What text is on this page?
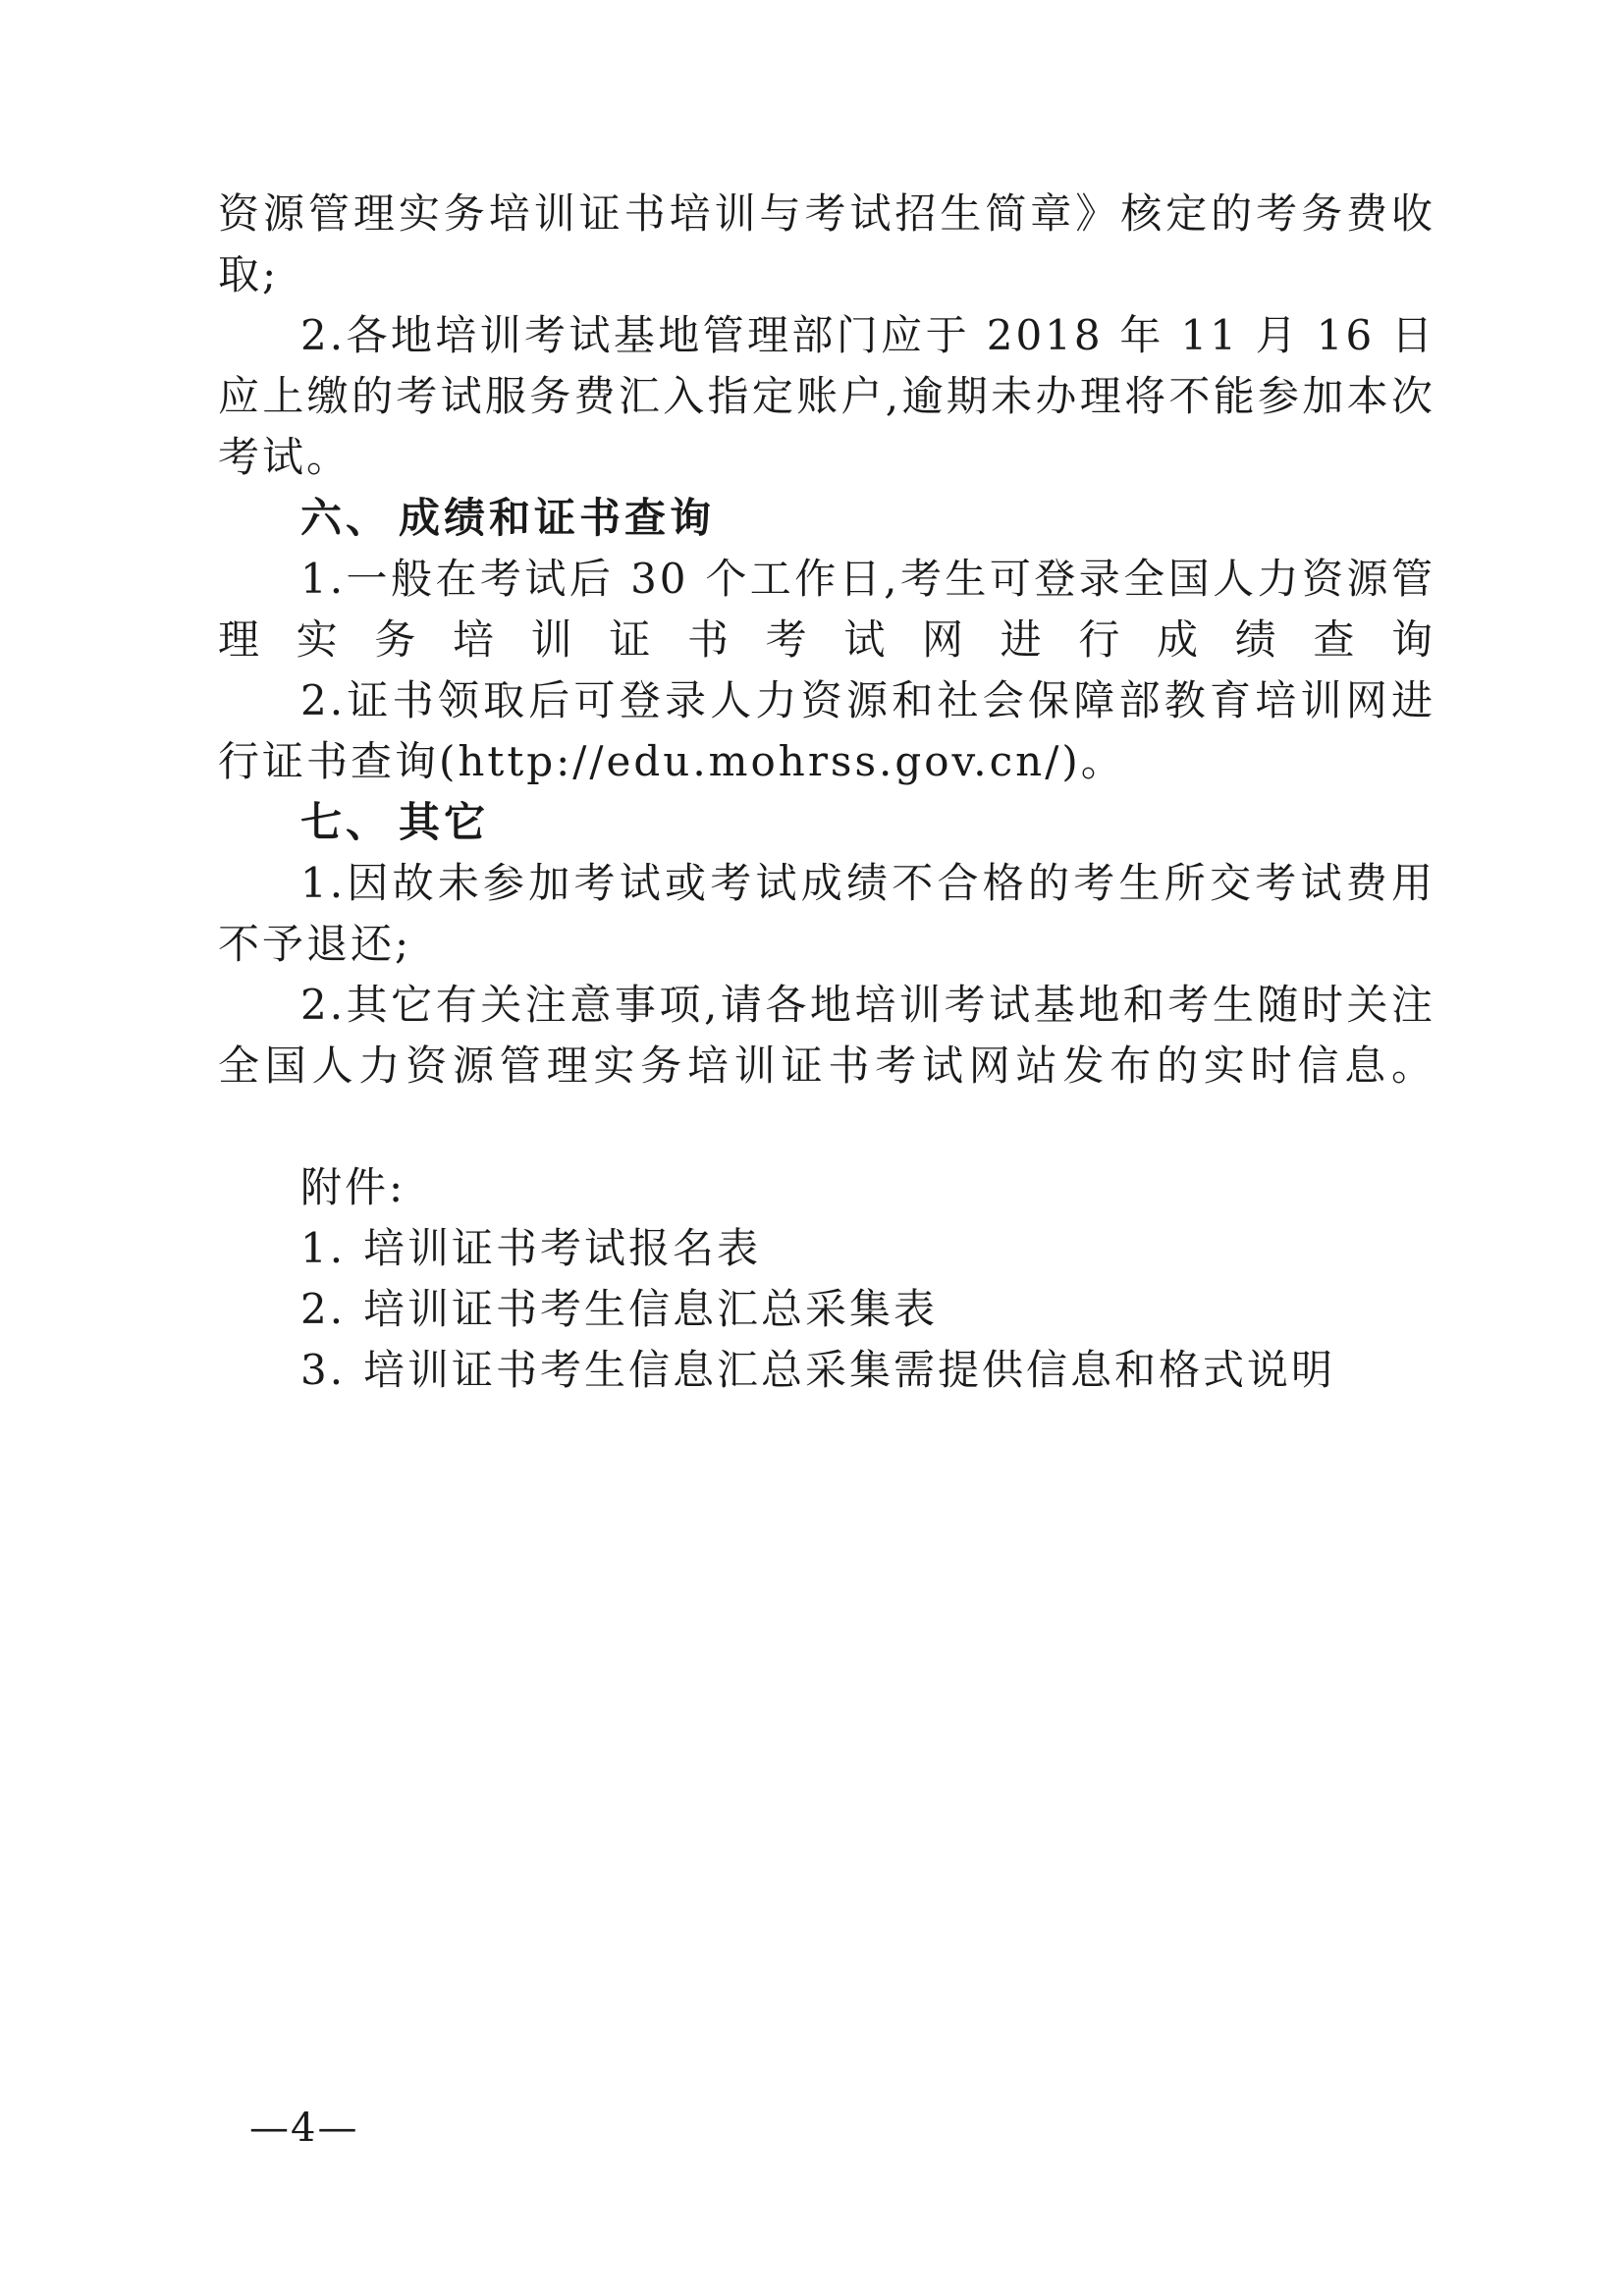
资源管理实务培训证书培训与考试招生简章》核定的考务费收
取;
2.各地培训考试基地管理部门应于 2018 年 11 月 16 日
应上缴的考试服务费汇入指定账户,逾期未办理将不能参加本次
考试。
六、 成绩和证书查询
1.一般在考试后 30 个工作日,考生可登录全国人力资源管
理实务培训证书考试网进行成绩查询
2.证书领取后可登录人力资源和社会保障部教育培训网进
行证书查询(http://edu.mohrss.gov.cn/)。
七、 其它
1.因故未参加考试或考试成绩不合格的考生所交考试费用
不予退还;
2.其它有关注意事项,请各地培训考试基地和考生随时关注
全国人力资源管理实务培训证书考试网站发布的实时信息。
附件:
1. 培训证书考试报名表
2. 培训证书考生信息汇总采集表
3. 培训证书考生信息汇总采集需提供信息和格式说明
—4—
